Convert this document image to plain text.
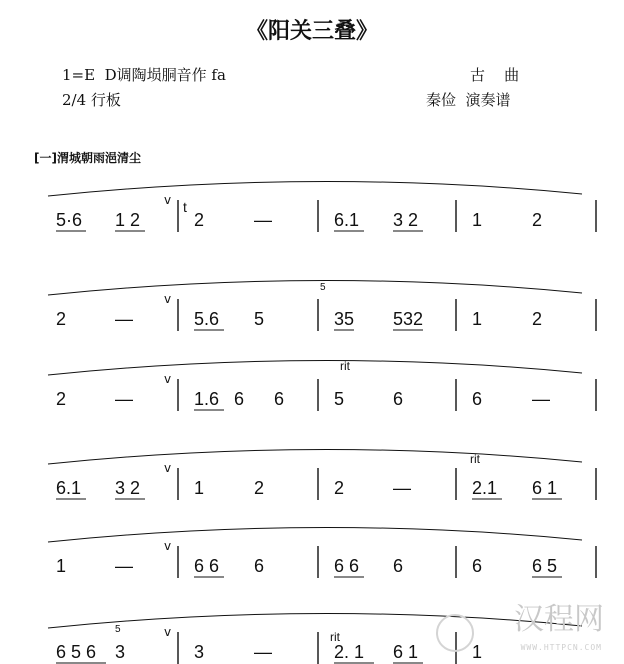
《阳关三叠》
1=E  D调陶埙胴音作 fa
2/4 行板
古    曲
秦俭  演奏谱
[一]渭城朝雨浥清尘
5·6 1 2	2	—	6.1 3 2	1	2
v
2	—	5.6 5	35 532	1	2
v
2	—	1.6 6 6	5	6	6	—
v
6.1 3 2	1	2	2	—	2.1 6 1
v
1	—	6 6 6	6 6 6	6	6 5
v
6 5 6 3	3	—	2. 1 6 1	1
v
rit
rit
rit
t
5
5	汉程网
WWW.HTTPCN.COM
